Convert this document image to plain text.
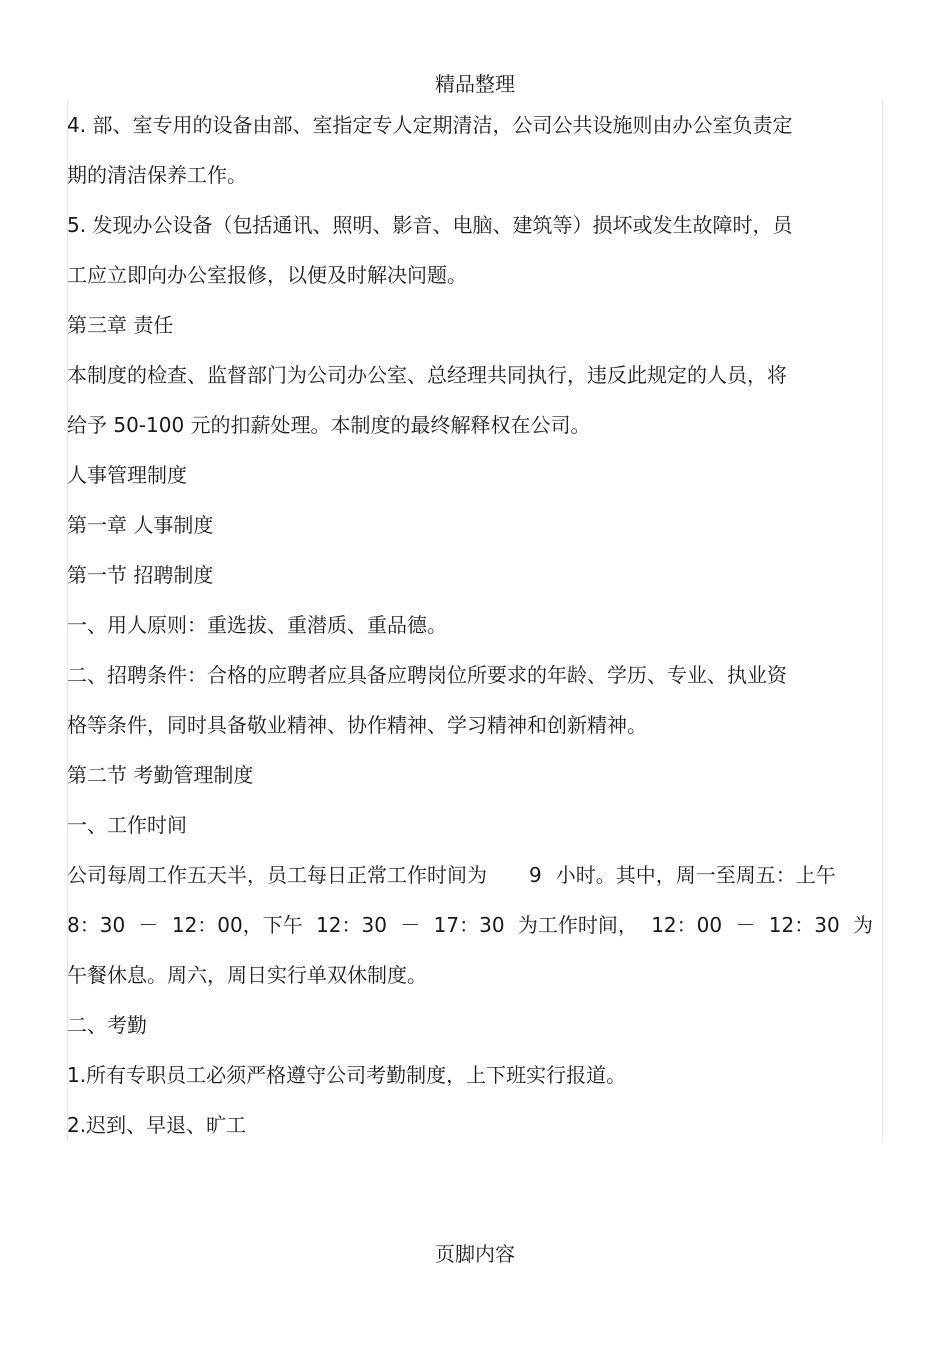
精品整理
4. 部、室专用的设备由部、室指定专人定期清洁，公司公共设施则由办公室负责定
期的清洁保养工作。
5. 发现办公设备（包括通讯、照明、影音、电脑、建筑等）损坏或发生故障时，员
工应立即向办公室报修，以便及时解决问题。
第三章 责任
本制度的检查、监督部门为公司办公室、总经理共同执行，违反此规定的人员，将
给予 50-100 元的扣薪处理。本制度的最终解释权在公司。
人事管理制度
第一章 人事制度
第一节 招聘制度
一、用人原则：重选拔、重潜质、重品德。
二、招聘条件：合格的应聘者应具备应聘岗位所要求的年龄、学历、专业、执业资
格等条件，同时具备敬业精神、协作精神、学习精神和创新精神。
第二节 考勤管理制度
一、工作时间
公司每周工作五天半，员工每日正常工作时间为 9 小时。其中，周一至周五：上午
8：30 － 12：00，下午 12：30 － 17：30 为工作时间， 12：00 － 12：30 为
午餐休息。周六，周日实行单双休制度。
二、考勤
1.所有专职员工必须严格遵守公司考勤制度，上下班实行报道。
2.迟到、早退、旷工
页脚内容
